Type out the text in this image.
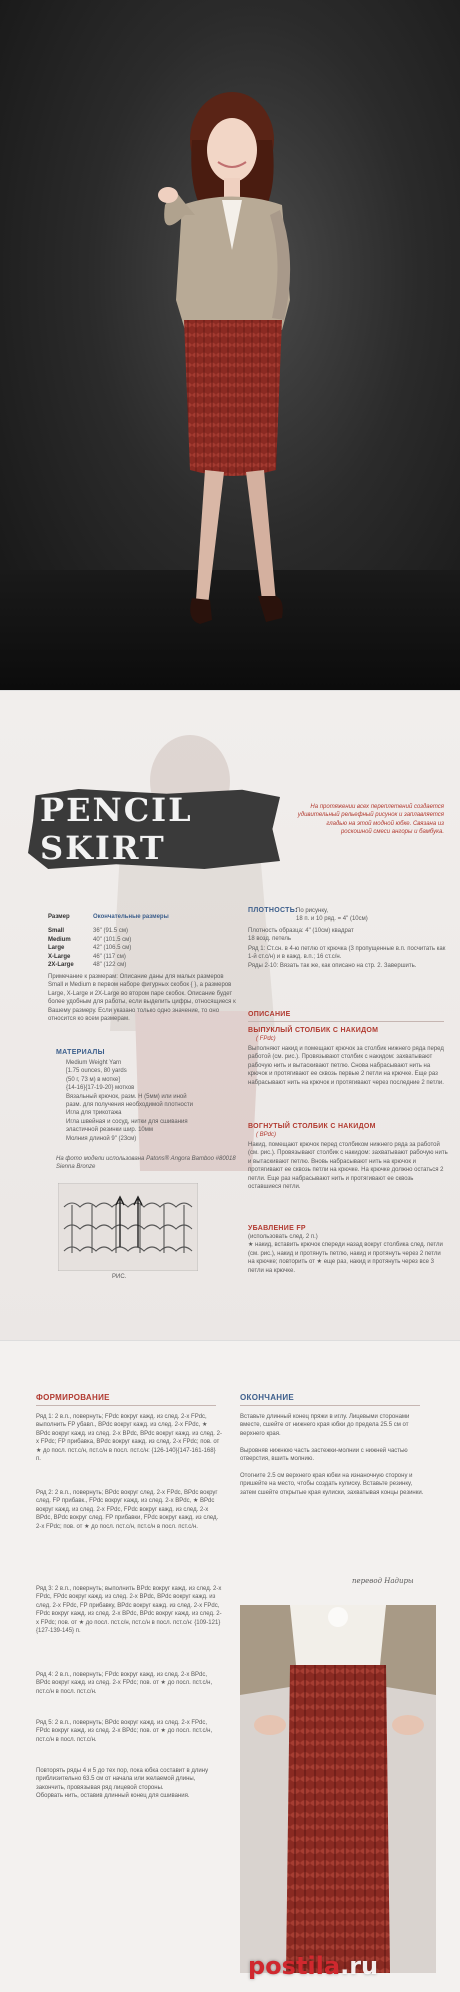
PENCIL SKIRT
На протяжении всех переплетений создается удивительный рельефный рисунок и заплавляется гладью на этой модной юбке. Связана из роскошной смеси ангоры и бамбука.
Размер	Окончательные размеры
Small	36" (91.5 см)
Medium	40" (101.5 см)
Large	42" (106.5 см)
X-Large	46" (117 см)
2X-Large	48" (122 см)
Примечание к размерам: Описание даны для малых размеров Small и Medium в первом наборе фигурных скобок { }, а размеров Large, X-Large и 2X-Large во втором паре скобок. Описание будет более удобным для работы, если выделить цифры, относящиеся к Вашему размеру. Если указано только одно значение, то оно относится ко всем размерам.
МАТЕРИАЛЫ
Medium Weight Yarn
[1.75 ounces, 80 yards
(50 г, 73 м) в мотке]
{14-16}{17-19-20} мотков
Вязальный крючок, разм. H (5мм) или иной
разм. для получения необходимой плотности
Игла для трикотажа
Игла швейная и сосуд, нитки для сшивания
эластичной резинки шир. 10мм
Молния длиной 9" (23см)
На фото модели использована Patons® Angora Bamboo #80018 Sienna Bronze
РИС.
ПЛОТНОСТЬ:
По рисунку,
18 п. и 10 ряд. = 4" (10см)
Плотность образца: 4" (10см) квадрат
18 возд. петель
Ряд 1: Ст.сн. в 4-ю петлю от крючка (3 пропущенные в.п. посчитать как 1-й ст.с/н) и в кажд. в.п.; 16 ст.с/н.
Ряды 2-10: Вязать так же, как описано на стр. 2. Завершить.
ОПИСАНИЕ
ВЫПУКЛЫЙ СТОЛБИК С НАКИДОМ
( FPdc)
Выполняют накид и помещают крючок за столбик нижнего ряда перед работой (см. рис.). Провязывают столбик с накидом: захватывают рабочую нить и вытаскивают петлю. Снова набрасывают нить на крючок и протягивают ее сквозь первые 2 петли на крючке. Еще раз набрасывают нить на крючок и протягивают через последние 2 петли.
ВОГНУТЫЙ СТОЛБИК С НАКИДОМ
( BPdc)
Накид, помещают крючок перед столбиком нижнего ряда за работой (см. рис.). Провязывают столбик с накидом: захватывают рабочую нить и вытаскивают петлю. Вновь набрасывают нить на крючок и протягивают ее сквозь петли на крючке. На крючке должно остаться 2 петли. Еще раз набрасывают нить и протягивают ее сквозь оставшиеся петли.
УБАВЛЕНИЕ FP
(использовать след. 2 п.)
★ накид, вставить крючок спереди назад вокруг столбика след. петли (см. рис.), накид и протянуть петлю, накид и протянуть через 2 петли на крючке; повторить от ★ еще раз, накид и протянуть через все 3 петли на крючке.
ФОРМИРОВАНИЕ
Ряд 1: 2 в.п., повернуть; FPdc вокруг кажд. из след. 2-х FPdc, выполнить FP убавл., BPdc вокруг кажд. из след. 2-х FPdc, ★ BPdc вокруг кажд. из след. 2-х BPdc, BPdc вокруг кажд. из след. 2-х FPdc; FP прибавка, BPdc вокруг кажд. из след. 2-х FPdc; пов. от ★ до посл. пст.с/н, пст.с/н в посл. пст.с/н: {126-140}{147-161-168} п.
Ряд 2: 2 в.п., повернуть; BPdc вокруг след. 2-х FPdc, BPdc вокруг след. FP прибавк., FPdc вокруг кажд. из след. 2-х BPdc, ★ BPdc вокруг кажд. из след. 2-х FPdc, FPdc вокруг кажд. из след. 2-х BPdc, BPdc вокруг след. FP прибавки, FPdc вокруг кажд. из след. 2-х FPdc; пов. от ★ до посл. пст.с/н, пст.с/н в посл. пст.с/н.
Ряд 3: 2 в.п., повернуть; выполнить BPdc вокруг кажд. из след. 2-х FPdc, FPdc вокруг кажд. из след. 2-х BPdc, BPdc вокруг кажд. из след. 2-х FPdc, FP прибавку, BPdc вокруг кажд. из след. 2-х FPdc, FPdc вокруг кажд. из след. 2-х BPdc, BPdc вокруг кажд. из след. 2-х FPdc; пов. от ★ до посл. пст.с/н, пст.с/н в посл. пст.с/н: {109-121}{127-139-145} п.
Ряд 4: 2 в.п., повернуть; FPdc вокруг кажд. из след. 2-х BPdc, BPdc вокруг кажд. из след. 2-х FPdc; пов. от ★ до посл. пст.с/н, пст.с/н в посл. пст.с/н.
Ряд 5: 2 в.п., повернуть; BPdc вокруг кажд. из след. 2-х FPdc, FPdc вокруг кажд. из след. 2-х BPdc; пов. от ★ до посл. пст.с/н, пст.с/н в посл. пст.с/н.
Повторять ряды 4 и 5 до тех пор, пока юбка составит в длину приблизительно 63.5 см от начала или желаемой длины, закончить, провязывая ряд лицевой стороны.
Оборвать нить, оставив длинный конец для сшивания.
ОКОНЧАНИЕ
Вставьте длинный конец пряжи в иглу. Лицевыми сторонами вместе, сшейте от нижнего края юбки до предела 25.5 см от верхнего края.

Выровняв нижнюю часть застежки-молнии с нижней частью отверстия, вшить молнию.

Отогните 2.5 см верхнего края юбки на изнаночную сторону и пришейте на место, чтобы создать кулиску. Вставьте резинку, затем сшейте открытые края кулиски, захватывая концы резинки.
перевод Надиры
postila.ru
